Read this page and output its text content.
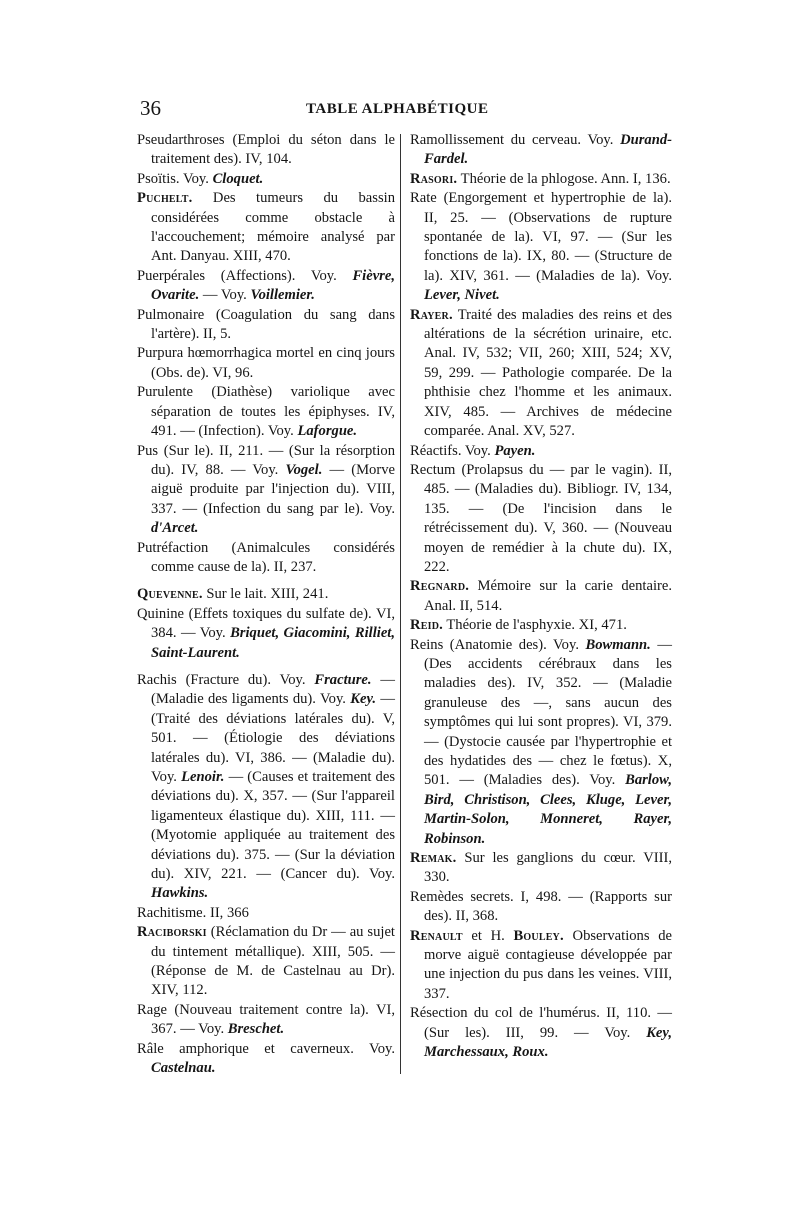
36	TABLE ALPHABÉTIQUE

Pseudarthroses (Emploi du séton dans le traitement des). IV, 104.

Psoïtis. Voy. Cloquet.

Puchelt. Des tumeurs du bassin considérées comme obstacle à l'accouchement; mémoire analysé par Ant. Danyau. XIII, 470.

Puerpérales (Affections). Voy. Fièvre, Ovarite. — Voy. Voillemier.

Pulmonaire (Coagulation du sang dans l'artère). II, 5.

Purpura hœmorrhagica mortel en cinq jours (Obs. de). VI, 96.

Purulente (Diathèse) variolique avec séparation de toutes les épiphyses. IV, 491. — (Infection). Voy. Laforgue.

Pus (Sur le). II, 211. — (Sur la résorption du). IV, 88. — Voy. Vogel. — (Morve aiguë produite par l'injection du). VIII, 337. — (Infection du sang par le). Voy. d'Arcet.

Putréfaction (Animalcules considérés comme cause de la). II, 237.

Quevenne. Sur le lait. XIII, 241.

Quinine (Effets toxiques du sulfate de). VI, 384. — Voy. Briquet, Giacomini, Rilliet, Saint-Laurent.

Rachis (Fracture du). Voy. Fracture. — (Maladie des ligaments du). Voy. Key. — (Traité des déviations latérales du). V, 501. — (Étiologie des déviations latérales du). VI, 386. — (Maladie du). Voy. Lenoir. — (Causes et traitement des déviations du). X, 357. — (Sur l'appareil ligamenteux élastique du). XIII, 111. — (Myotomie appliquée au traitement des déviations du). 375. — (Sur la déviation du). XIV, 221. — (Cancer du). Voy. Hawkins.

Rachitisme. II, 366

Raciborski (Réclamation du Dr — au sujet du tintement métallique). XIII, 505. — (Réponse de M. de Castelnau au Dr). XIV, 112.

Rage (Nouveau traitement contre la). VI, 367. — Voy. Breschet.

Râle amphorique et caverneux. Voy. Castelnau.

Ramollissement du cerveau. Voy. Durand-Fardel.

Rasori. Théorie de la phlogose. Ann. I, 136.

Rate (Engorgement et hypertrophie de la). II, 25. — (Observations de rupture spontanée de la). VI, 97. — (Sur les fonctions de la). IX, 80. — (Structure de la). XIV, 361. — (Maladies de la). Voy. Lever, Nivet.

Rayer. Traité des maladies des reins et des altérations de la sécrétion urinaire, etc. Anal. IV, 532; VII, 260; XIII, 524; XV, 59, 299. — Pathologie comparée. De la phthisie chez l'homme et les animaux. XIV, 485. — Archives de médecine comparée. Anal. XV, 527.

Réactifs. Voy. Payen.

Rectum (Prolapsus du — par le vagin). II, 485. — (Maladies du). Bibliogr. IV, 134, 135. — (De l'incision dans le rétrécissement du). V, 360. — (Nouveau moyen de remédier à la chute du). IX, 222.

Regnard. Mémoire sur la carie dentaire. Anal. II, 514.

Reid. Théorie de l'asphyxie. XI, 471.

Reins (Anatomie des). Voy. Bowmann. — (Des accidents cérébraux dans les maladies des). IV, 352. — (Maladie granuleuse des —, sans aucun des symptômes qui lui sont propres). VI, 379. — (Dystocie causée par l'hypertrophie et des hydatides des — chez le fœtus). X, 501. — (Maladies des). Voy. Barlow, Bird, Christison, Clees, Kluge, Lever, Martin-Solon, Monneret, Rayer, Robinson.

Remak. Sur les ganglions du cœur. VIII, 330.

Remèdes secrets. I, 498. — (Rapports sur des). II, 368.

Renault et H. Bouley. Observations de morve aiguë contagieuse développée par une injection du pus dans les veines. VIII, 337.

Résection du col de l'humérus. II, 110. — (Sur les). III, 99. — Voy. Key, Marchessaux, Roux.
